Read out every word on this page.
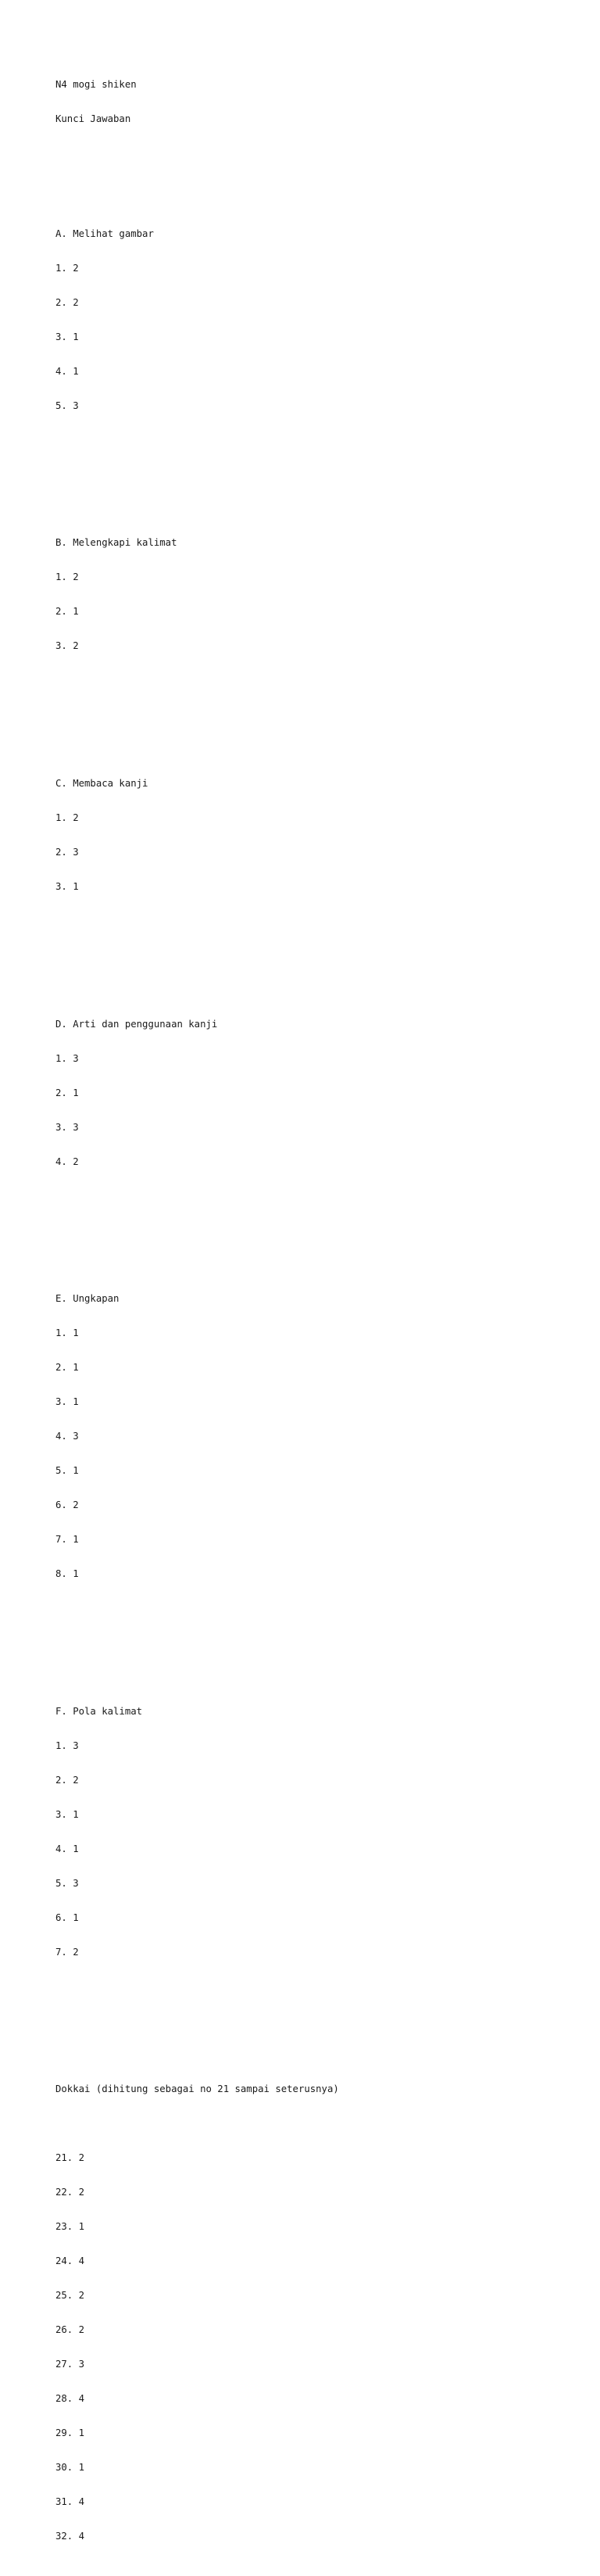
N4 mogi shiken

Kunci Jawaban

A. Melihat gambar

1. 2

2. 2

3. 1

4. 1

5. 3

B. Melengkapi kalimat

1. 2

2. 1

3. 2

C. Membaca kanji

1. 2

2. 3

3. 1

D. Arti dan penggunaan kanji

1. 3

2. 1

3. 3

4. 2

E. Ungkapan

1. 1

2. 1

3. 1

4. 3

5. 1

6. 2

7. 1

8. 1

F. Pola kalimat

1. 3

2. 2

3. 1

4. 1

5. 3

6. 1

7. 2

Dokkai (dihitung sebagai no 21 sampai seterusnya)

21. 2

22. 2

23. 1

24. 4

25. 2

26. 2

27. 3

28. 4

29. 1

30. 1

31. 4

32. 4
